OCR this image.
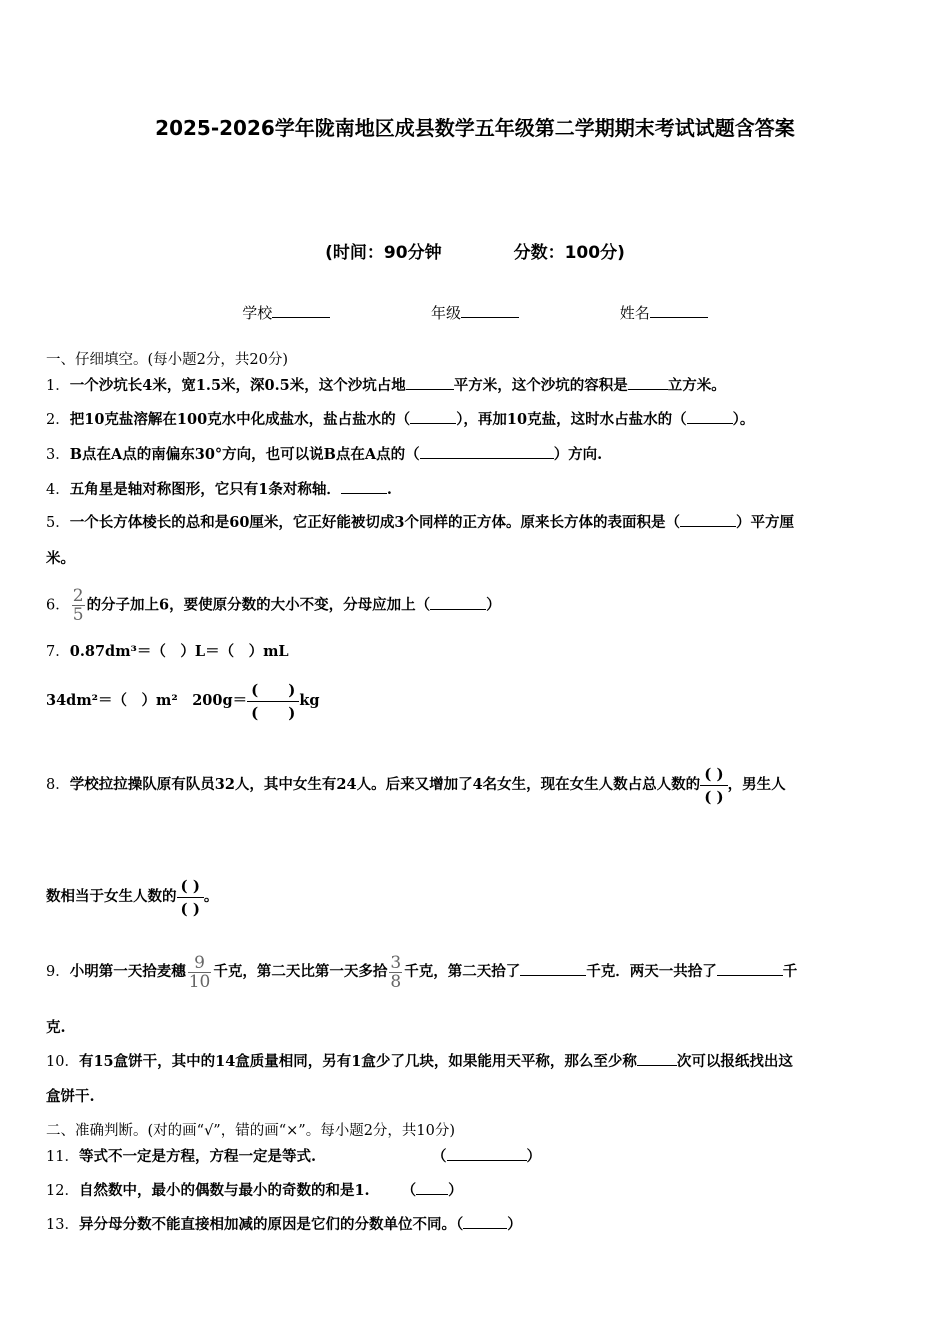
2025-2026学年陇南地区成县数学五年级第二学期期末考试试题含答案
(时间：90分钟	分数：100分)
学校	年级	姓名
一、仔细填空。(每小题2分，共20分)
1．一个沙坑长4米，宽1.5米，深0.5米，这个沙坑占地	平方米，这个沙坑的容积是	立方米。
2．把10克盐溶解在100克水中化成盐水，盐占盐水的（	），再加10克盐，这时水占盐水的（	）。
3．B点在A点的南偏东30°方向，也可以说B点在A点的（	）方向.
4．五角星是轴对称图形，它只有1条对称轴．	.
5．一个长方体棱长的总和是60厘米，它正好能被切成3个同样的正方体。原来长方体的表面积是（	）平方厘
米。
6． $\frac{2}{5}$ 的分子加上6，要使原分数的大小不变，分母应加上（	）
7．0.87dm³＝（　）L＝（　）mL
34dm²＝（　）m²　200g＝
(　　)
(　　)
kg
8．学校拉拉操队原有队员32人，其中女生有24人。后来又增加了4名女生，现在女生人数占总人数的
( )
( )
，男生人
数相当于女生人数的
( )
( )
。
9．小明第一天拾麦穗 $\frac{9}{10}$ 千克，第二天比第一天多拾 $\frac{3}{8}$ 千克，第二天拾了	千克．两天一共拾了	千
克.
10．有15盒饼干，其中的14盒质量相同，另有1盒少了几块，如果能用天平称，那么至少称	次可以报纸找出这
盒饼干.
二、准确判断。(对的画“√”，错的画“×”。每小题2分，共10分)
11．等式不一定是方程，方程一定是等式.	（	）
12．自然数中，最小的偶数与最小的奇数的和是1. （ ）
13．异分母分数不能直接相加减的原因是它们的分数单位不同。（	）
